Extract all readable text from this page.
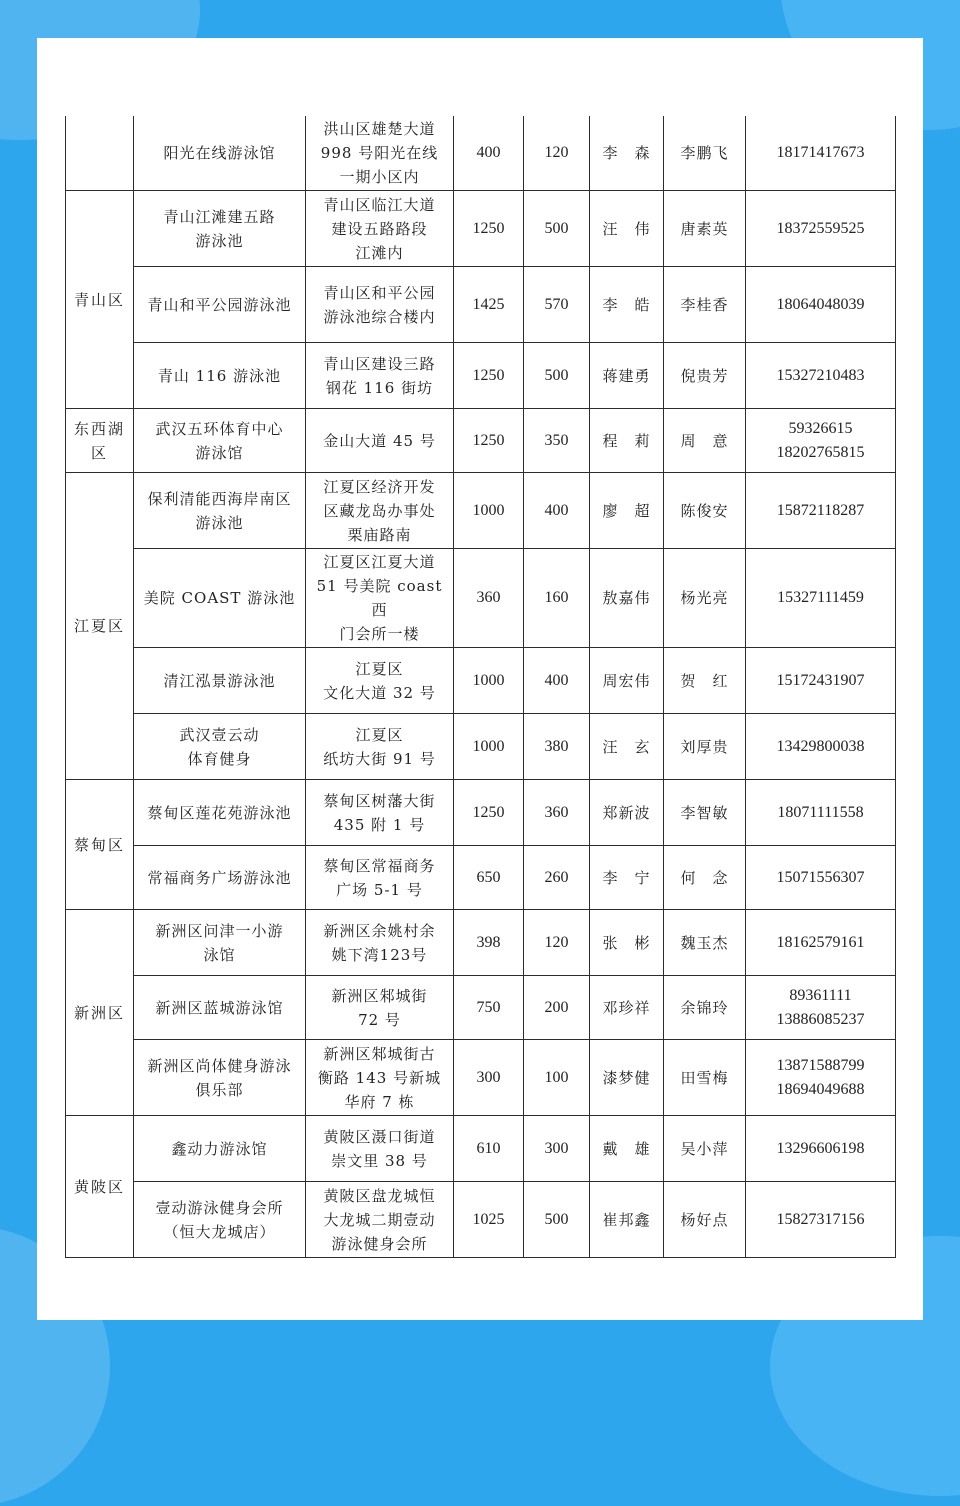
	阳光在线游泳馆	洪山区雄楚大道
998 号阳光在线
一期小区内	400	120	李　森	李鹏飞	18171417673
青山区	青山江滩建五路
游泳池	青山区临江大道
建设五路路段
江滩内	1250	500	汪　伟	唐素英	18372559525
	青山和平公园游泳池	青山区和平公园
游泳池综合楼内	1425	570	李　皓	李桂香	18064048039
	青山 116 游泳池	青山区建设三路
钢花 116 街坊	1250	500	蒋建勇	倪贵芳	15327210483
东西湖
区	武汉五环体育中心
游泳馆	金山大道 45 号	1250	350	程　莉	周　意	59326615
18202765815
江夏区	保利清能西海岸南区
游泳池	江夏区经济开发
区藏龙岛办事处
栗庙路南	1000	400	廖　超	陈俊安	15872118287
	美院 COAST 游泳池	江夏区江夏大道
51 号美院 coast 西
门会所一楼	360	160	敖嘉伟	杨光亮	15327111459
	清江泓景游泳池	江夏区
文化大道 32 号	1000	400	周宏伟	贺　红	15172431907
	武汉壹云动
体育健身	江夏区
纸坊大街 91 号	1000	380	汪　玄	刘厚贵	13429800038
蔡甸区	蔡甸区莲花苑游泳池	蔡甸区树藩大街
435 附 1 号	1250	360	郑新波	李智敏	18071111558
	常福商务广场游泳池	蔡甸区常福商务
广场 5-1 号	650	260	李　宁	何　念	15071556307
新洲区	新洲区问津一小游
泳馆	新洲区余姚村余
姚下湾123号	398	120	张　彬	魏玉杰	18162579161
	新洲区蓝城游泳馆	新洲区邾城街
72 号	750	200	邓珍祥	余锦玲	89361111
13886085237
	新洲区尚体健身游泳
俱乐部	新洲区邾城街古
衡路 143 号新城
华府 7 栋	300	100	漆梦健	田雪梅	13871588799
18694049688
黄陂区	鑫动力游泳馆	黄陂区滠口街道
崇文里 38 号	610	300	戴　雄	吴小萍	13296606198
	壹动游泳健身会所
（恒大龙城店）	黄陂区盘龙城恒
大龙城二期壹动
游泳健身会所	1025	500	崔邦鑫	杨好点	15827317156
